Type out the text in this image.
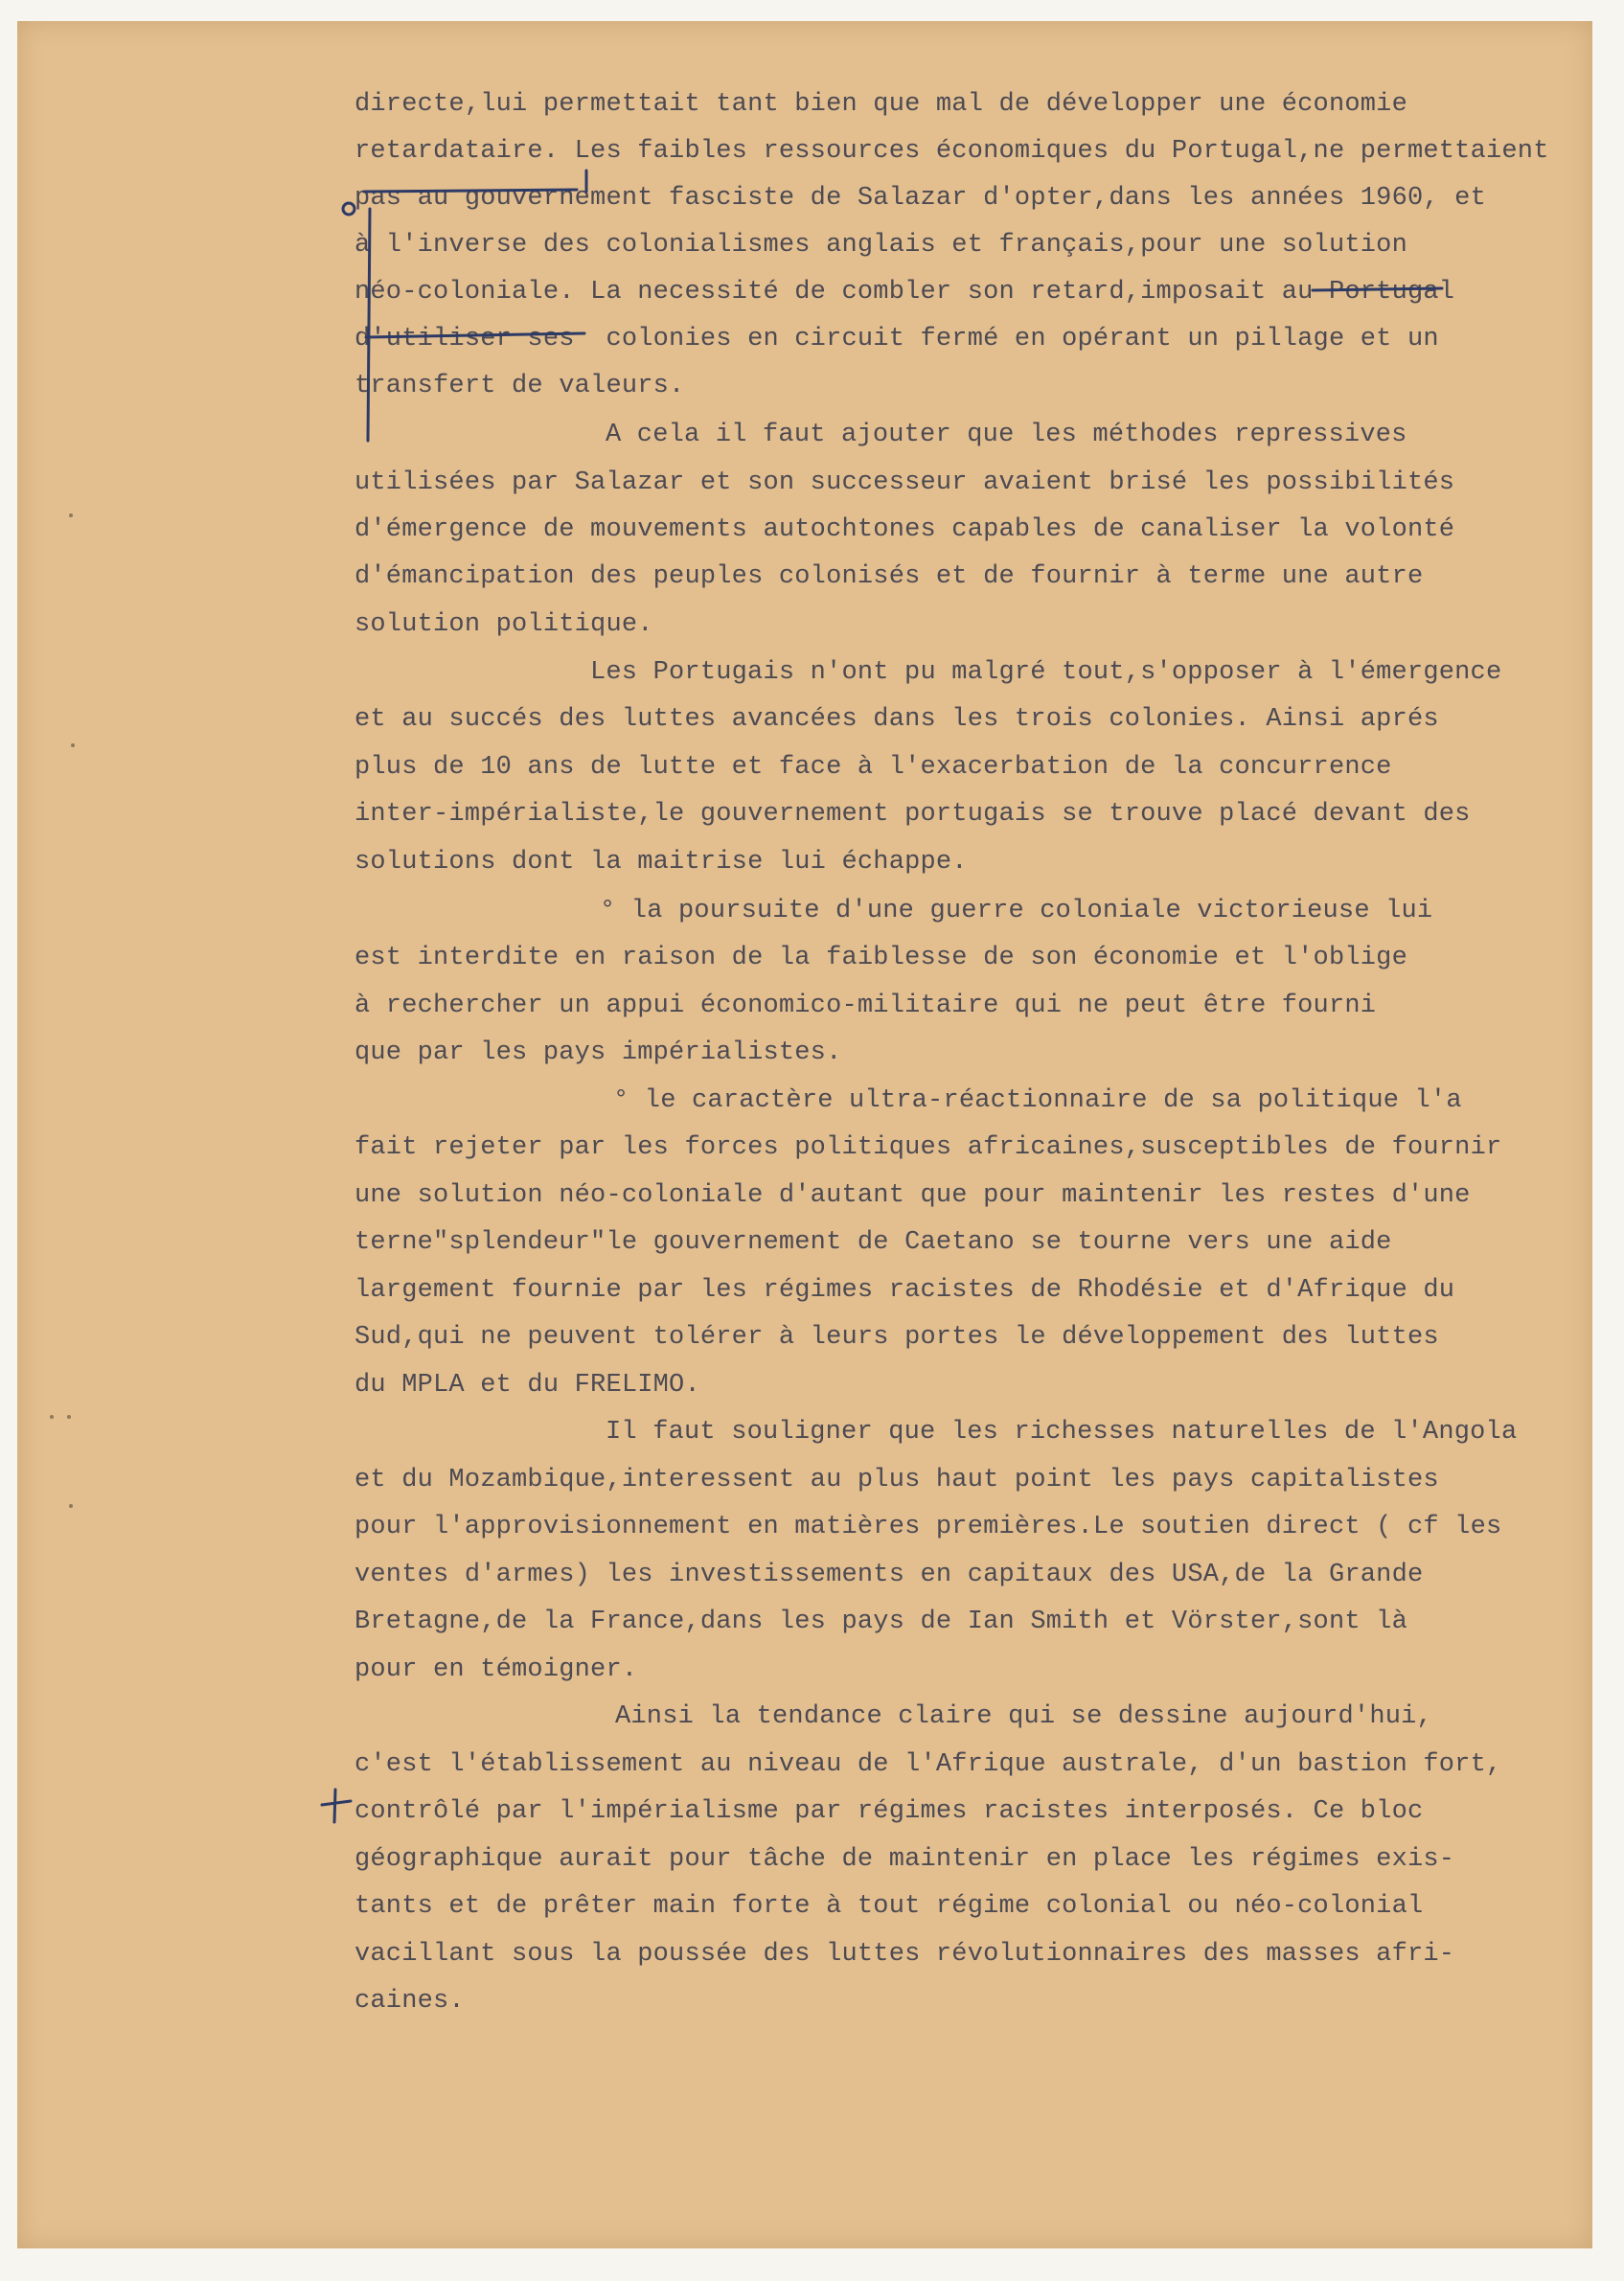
directe,lui permettait tant bien que mal de développer une économie
retardataire. Les faibles ressources économiques du Portugal,ne permettaient
pas au gouvernement fasciste de Salazar d'opter,dans les années 1960, et
à l'inverse des colonialismes anglais et français,pour une solution
néo-coloniale. La necessité de combler son retard,imposait au Portugal
d'utiliser ses  colonies en circuit fermé en opérant un pillage et un
transfert de valeurs.
A cela il faut ajouter que les méthodes repressives
utilisées par Salazar et son successeur avaient brisé les possibilités
d'émergence de mouvements autochtones capables de canaliser la volonté
d'émancipation des peuples colonisés et de fournir à terme une autre
solution politique.
Les Portugais n'ont pu malgré tout,s'opposer à l'émergence
et au succés des luttes avancées dans les trois colonies. Ainsi aprés
plus de 10 ans de lutte et face à l'exacerbation de la concurrence
inter-impérialiste,le gouvernement portugais se trouve placé devant des
solutions dont la maitrise lui échappe.
° la poursuite d'une guerre coloniale victorieuse lui
est interdite en raison de la faiblesse de son économie et l'oblige
à rechercher un appui économico-militaire qui ne peut être fourni
que par les pays impérialistes.
° le caractère ultra-réactionnaire de sa politique l'a
fait rejeter par les forces politiques africaines,susceptibles de fournir
une solution néo-coloniale d'autant que pour maintenir les restes d'une
terne"splendeur"le gouvernement de Caetano se tourne vers une aide
largement fournie par les régimes racistes de Rhodésie et d'Afrique du
Sud,qui ne peuvent tolérer à leurs portes le développement des luttes
du MPLA et du FRELIMO.
Il faut souligner que les richesses naturelles de l'Angola
et du Mozambique,interessent au plus haut point les pays capitalistes
pour l'approvisionnement en matières premières.Le soutien direct ( cf les
ventes d'armes) les investissements en capitaux des USA,de la Grande
Bretagne,de la France,dans les pays de Ian Smith et Vörster,sont là
pour en témoigner.
Ainsi la tendance claire qui se dessine aujourd'hui,
c'est l'établissement au niveau de l'Afrique australe, d'un bastion fort,
contrôlé par l'impérialisme par régimes racistes interposés. Ce bloc
géographique aurait pour tâche de maintenir en place les régimes exis-
tants et de prêter main forte à tout régime colonial ou néo-colonial
vacillant sous la poussée des luttes révolutionnaires des masses afri-
caines.
